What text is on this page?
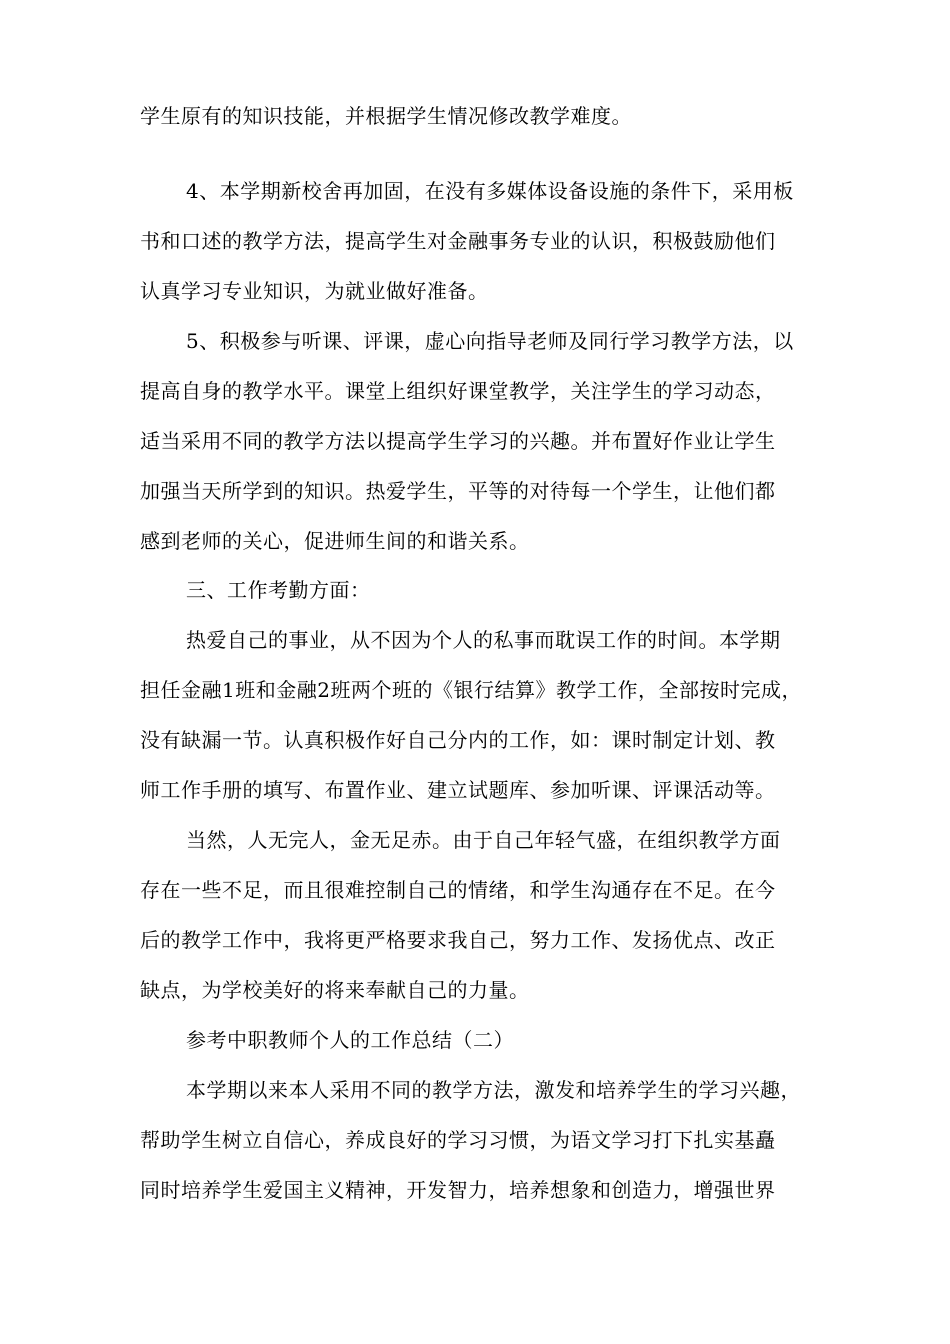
学生原有的知识技能，并根据学生情况修改教学难度。
4、本学期新校舍再加固，在没有多媒体设备设施的条件下，采用板
书和口述的教学方法，提高学生对金融事务专业的认识，积极鼓励他们
认真学习专业知识，为就业做好准备。
5、积极参与听课、评课，虚心向指导老师及同行学习教学方法，以
提高自身的教学水平。课堂上组织好课堂教学，关注学生的学习动态，
适当采用不同的教学方法以提高学生学习的兴趣。并布置好作业让学生
加强当天所学到的知识。热爱学生，平等的对待每一个学生，让他们都
感到老师的关心，促进师生间的和谐关系。
三、工作考勤方面：
热爱自己的事业，从不因为个人的私事而耽误工作的时间。本学期
担任金融1班和金融2班两个班的《银行结算》教学工作，全部按时完成，
没有缺漏一节。认真积极作好自己分内的工作，如：课时制定计划、教
师工作手册的填写、布置作业、建立试题库、参加听课、评课活动等。
当然，人无完人，金无足赤。由于自己年轻气盛，在组织教学方面
存在一些不足，而且很难控制自己的情绪，和学生沟通存在不足。在今
后的教学工作中，我将更严格要求我自己，努力工作、发扬优点、改正
缺点，为学校美好的将来奉献自己的力量。
参考中职教师个人的工作总结（二）
本学期以来本人采用不同的教学方法，激发和培养学生的学习兴趣，
帮助学生树立自信心，养成良好的学习习惯，为语文学习打下扎实基矗
同时培养学生爱国主义精神，开发智力，培养想象和创造力，增强世界
